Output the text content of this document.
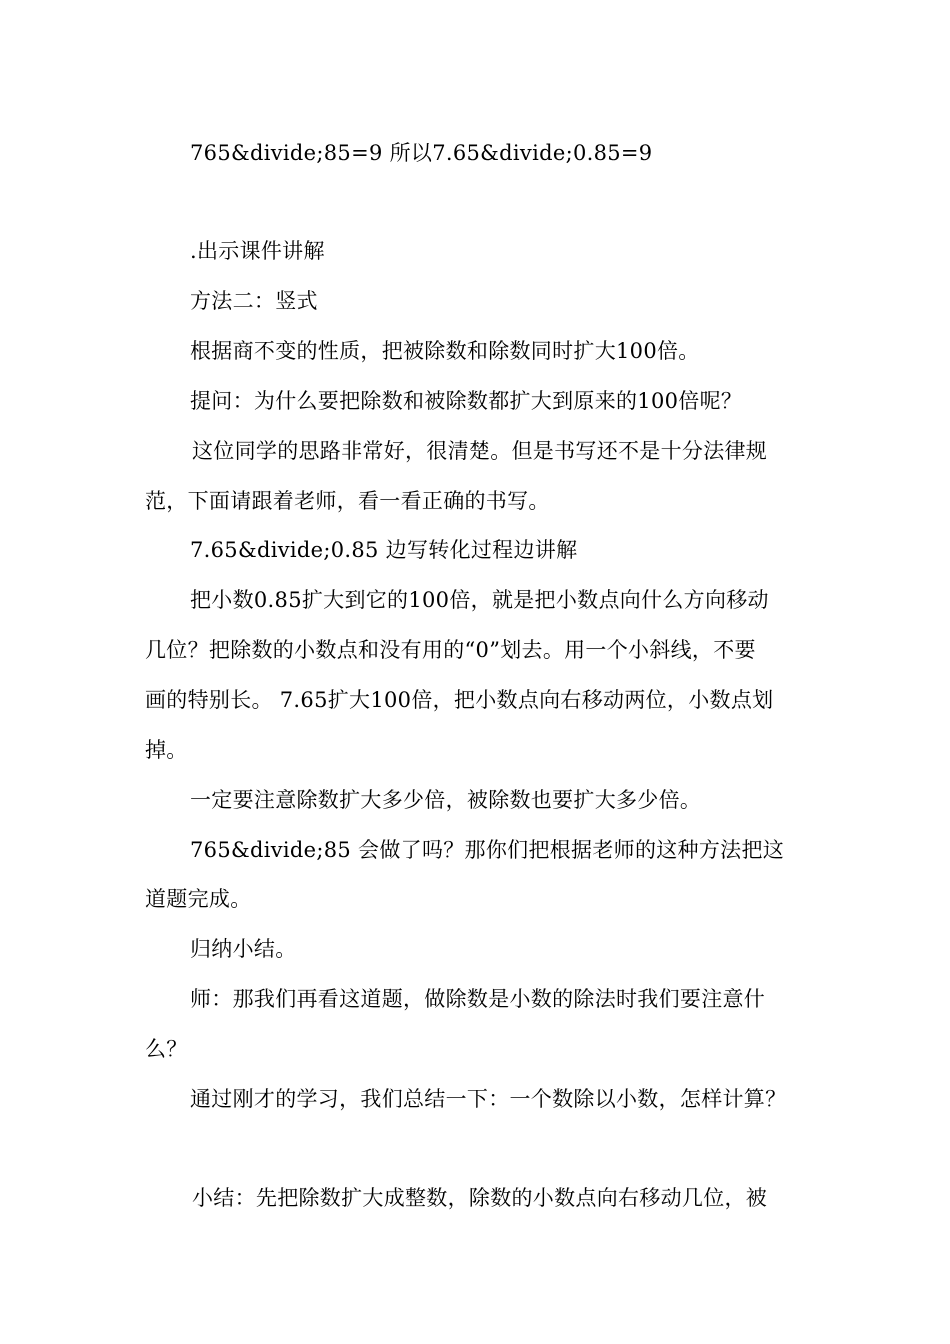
765&divide;85=9 所以7.65&divide;0.85=9
.出示课件讲解
方法二：竖式
根据商不变的性质，把被除数和除数同时扩大100倍。
提问：为什么要把除数和被除数都扩大到原来的100倍呢？
这位同学的思路非常好，很清楚。但是书写还不是十分法律规
范，下面请跟着老师，看一看正确的书写。
7.65&divide;0.85 边写转化过程边讲解
把小数0.85扩大到它的100倍，就是把小数点向什么方向移动
几位？把除数的小数点和没有用的“0”划去。用一个小斜线，不要
画的特别长。 7.65扩大100倍，把小数点向右移动两位，小数点划
掉。
一定要注意除数扩大多少倍，被除数也要扩大多少倍。
765&divide;85 会做了吗？那你们把根据老师的这种方法把这
道题完成。
归纳小结。
师：那我们再看这道题，做除数是小数的除法时我们要注意什
么？
通过刚才的学习，我们总结一下：一个数除以小数，怎样计算？
小结：先把除数扩大成整数，除数的小数点向右移动几位，被
